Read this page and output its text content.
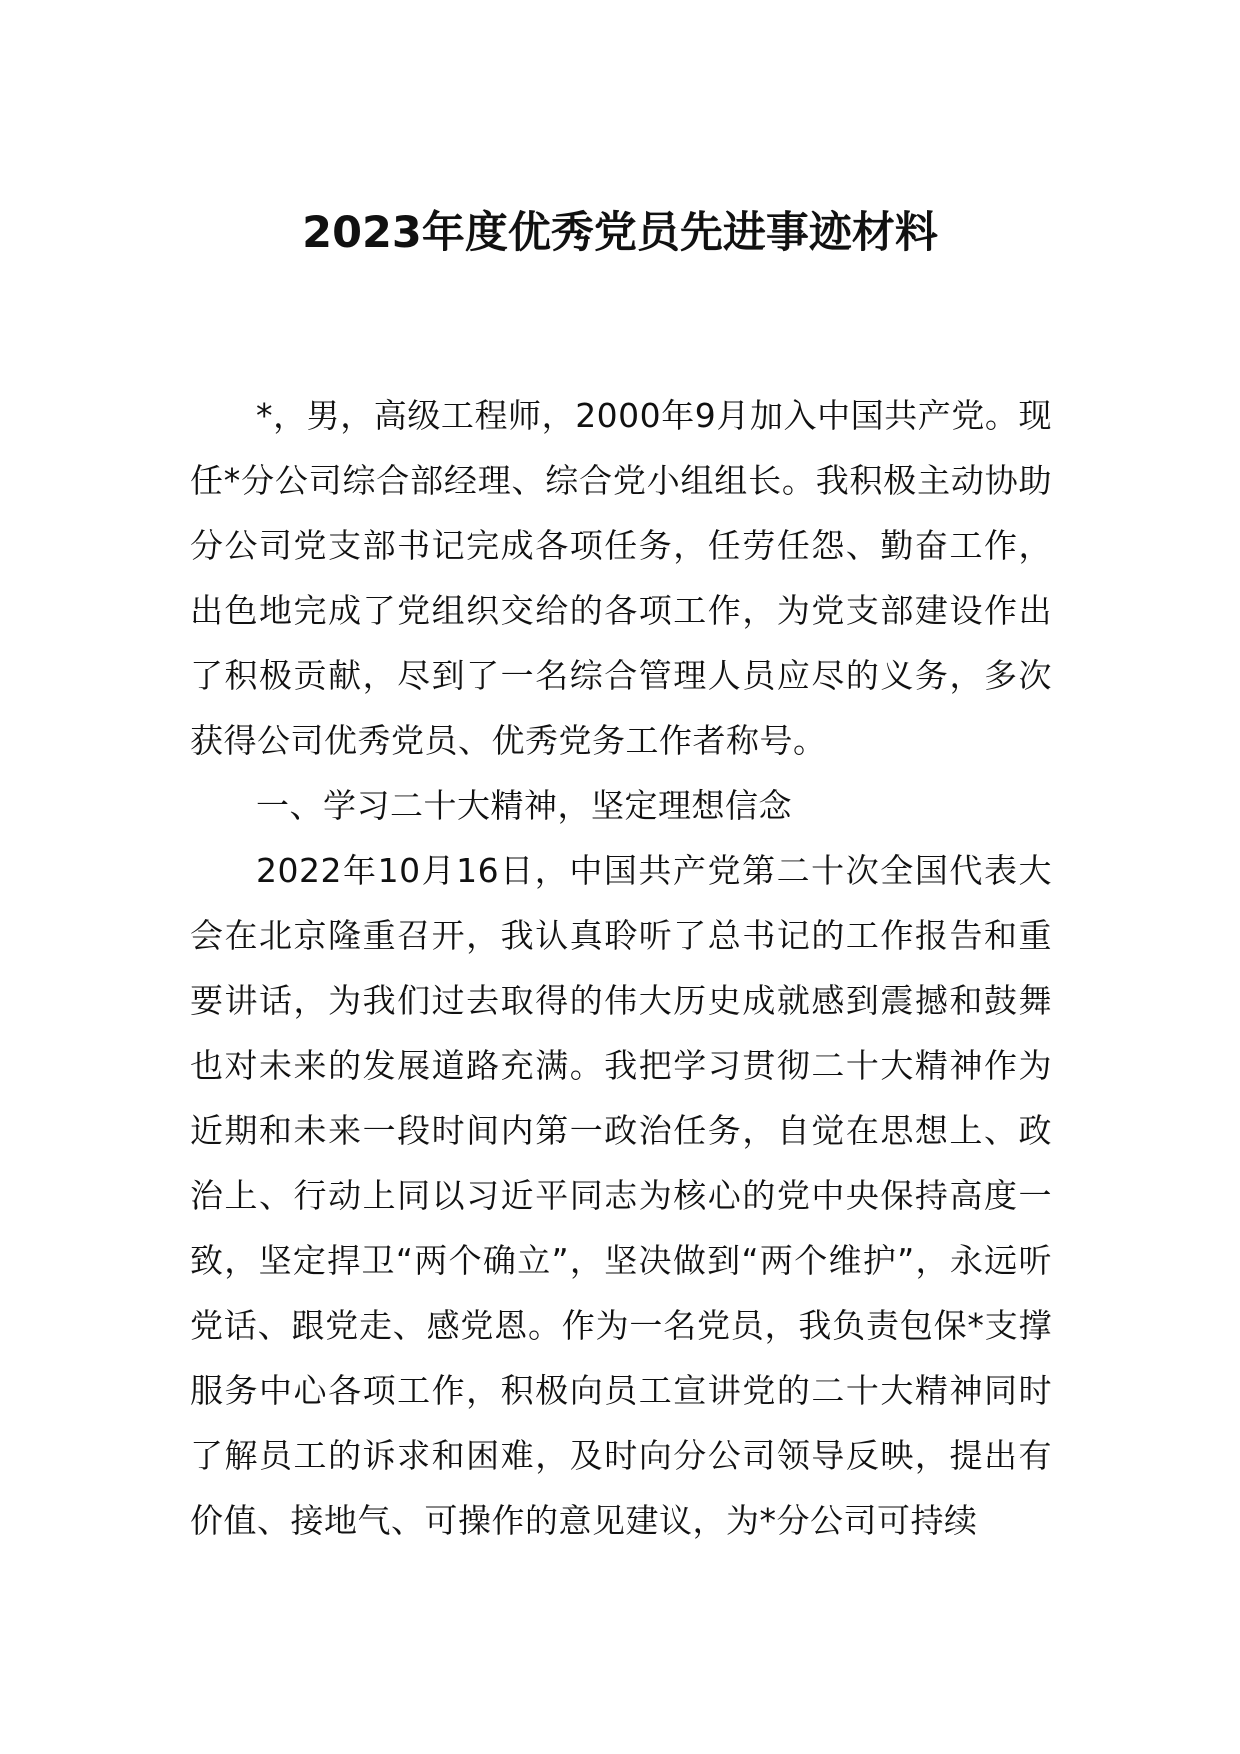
2023年度优秀党员先进事迹材料

*，男，高级工程师，2000年9月加入中国共产党。现任*分公司综合部经理、综合党小组组长。我积极主动协助分公司党支部书记完成各项任务，任劳任怨、勤奋工作，出色地完成了党组织交给的各项工作，为党支部建设作出了积极贡献，尽到了一名综合管理人员应尽的义务，多次获得公司优秀党员、优秀党务工作者称号。

一、学习二十大精神，坚定理想信念

2022年10月16日，中国共产党第二十次全国代表大会在北京隆重召开，我认真聆听了总书记的工作报告和重要讲话，为我们过去取得的伟大历史成就感到震撼和鼓舞也对未来的发展道路充满。我把学习贯彻二十大精神作为近期和未来一段时间内第一政治任务，自觉在思想上、政治上、行动上同以习近平同志为核心的党中央保持高度一致，坚定捍卫“两个确立”，坚决做到“两个维护”，永远听党话、跟党走、感党恩。作为一名党员，我负责包保*支撑服务中心各项工作，积极向员工宣讲党的二十大精神同时了解员工的诉求和困难，及时向分公司领导反映，提出有价值、接地气、可操作的意见建议，为*分公司可持续
